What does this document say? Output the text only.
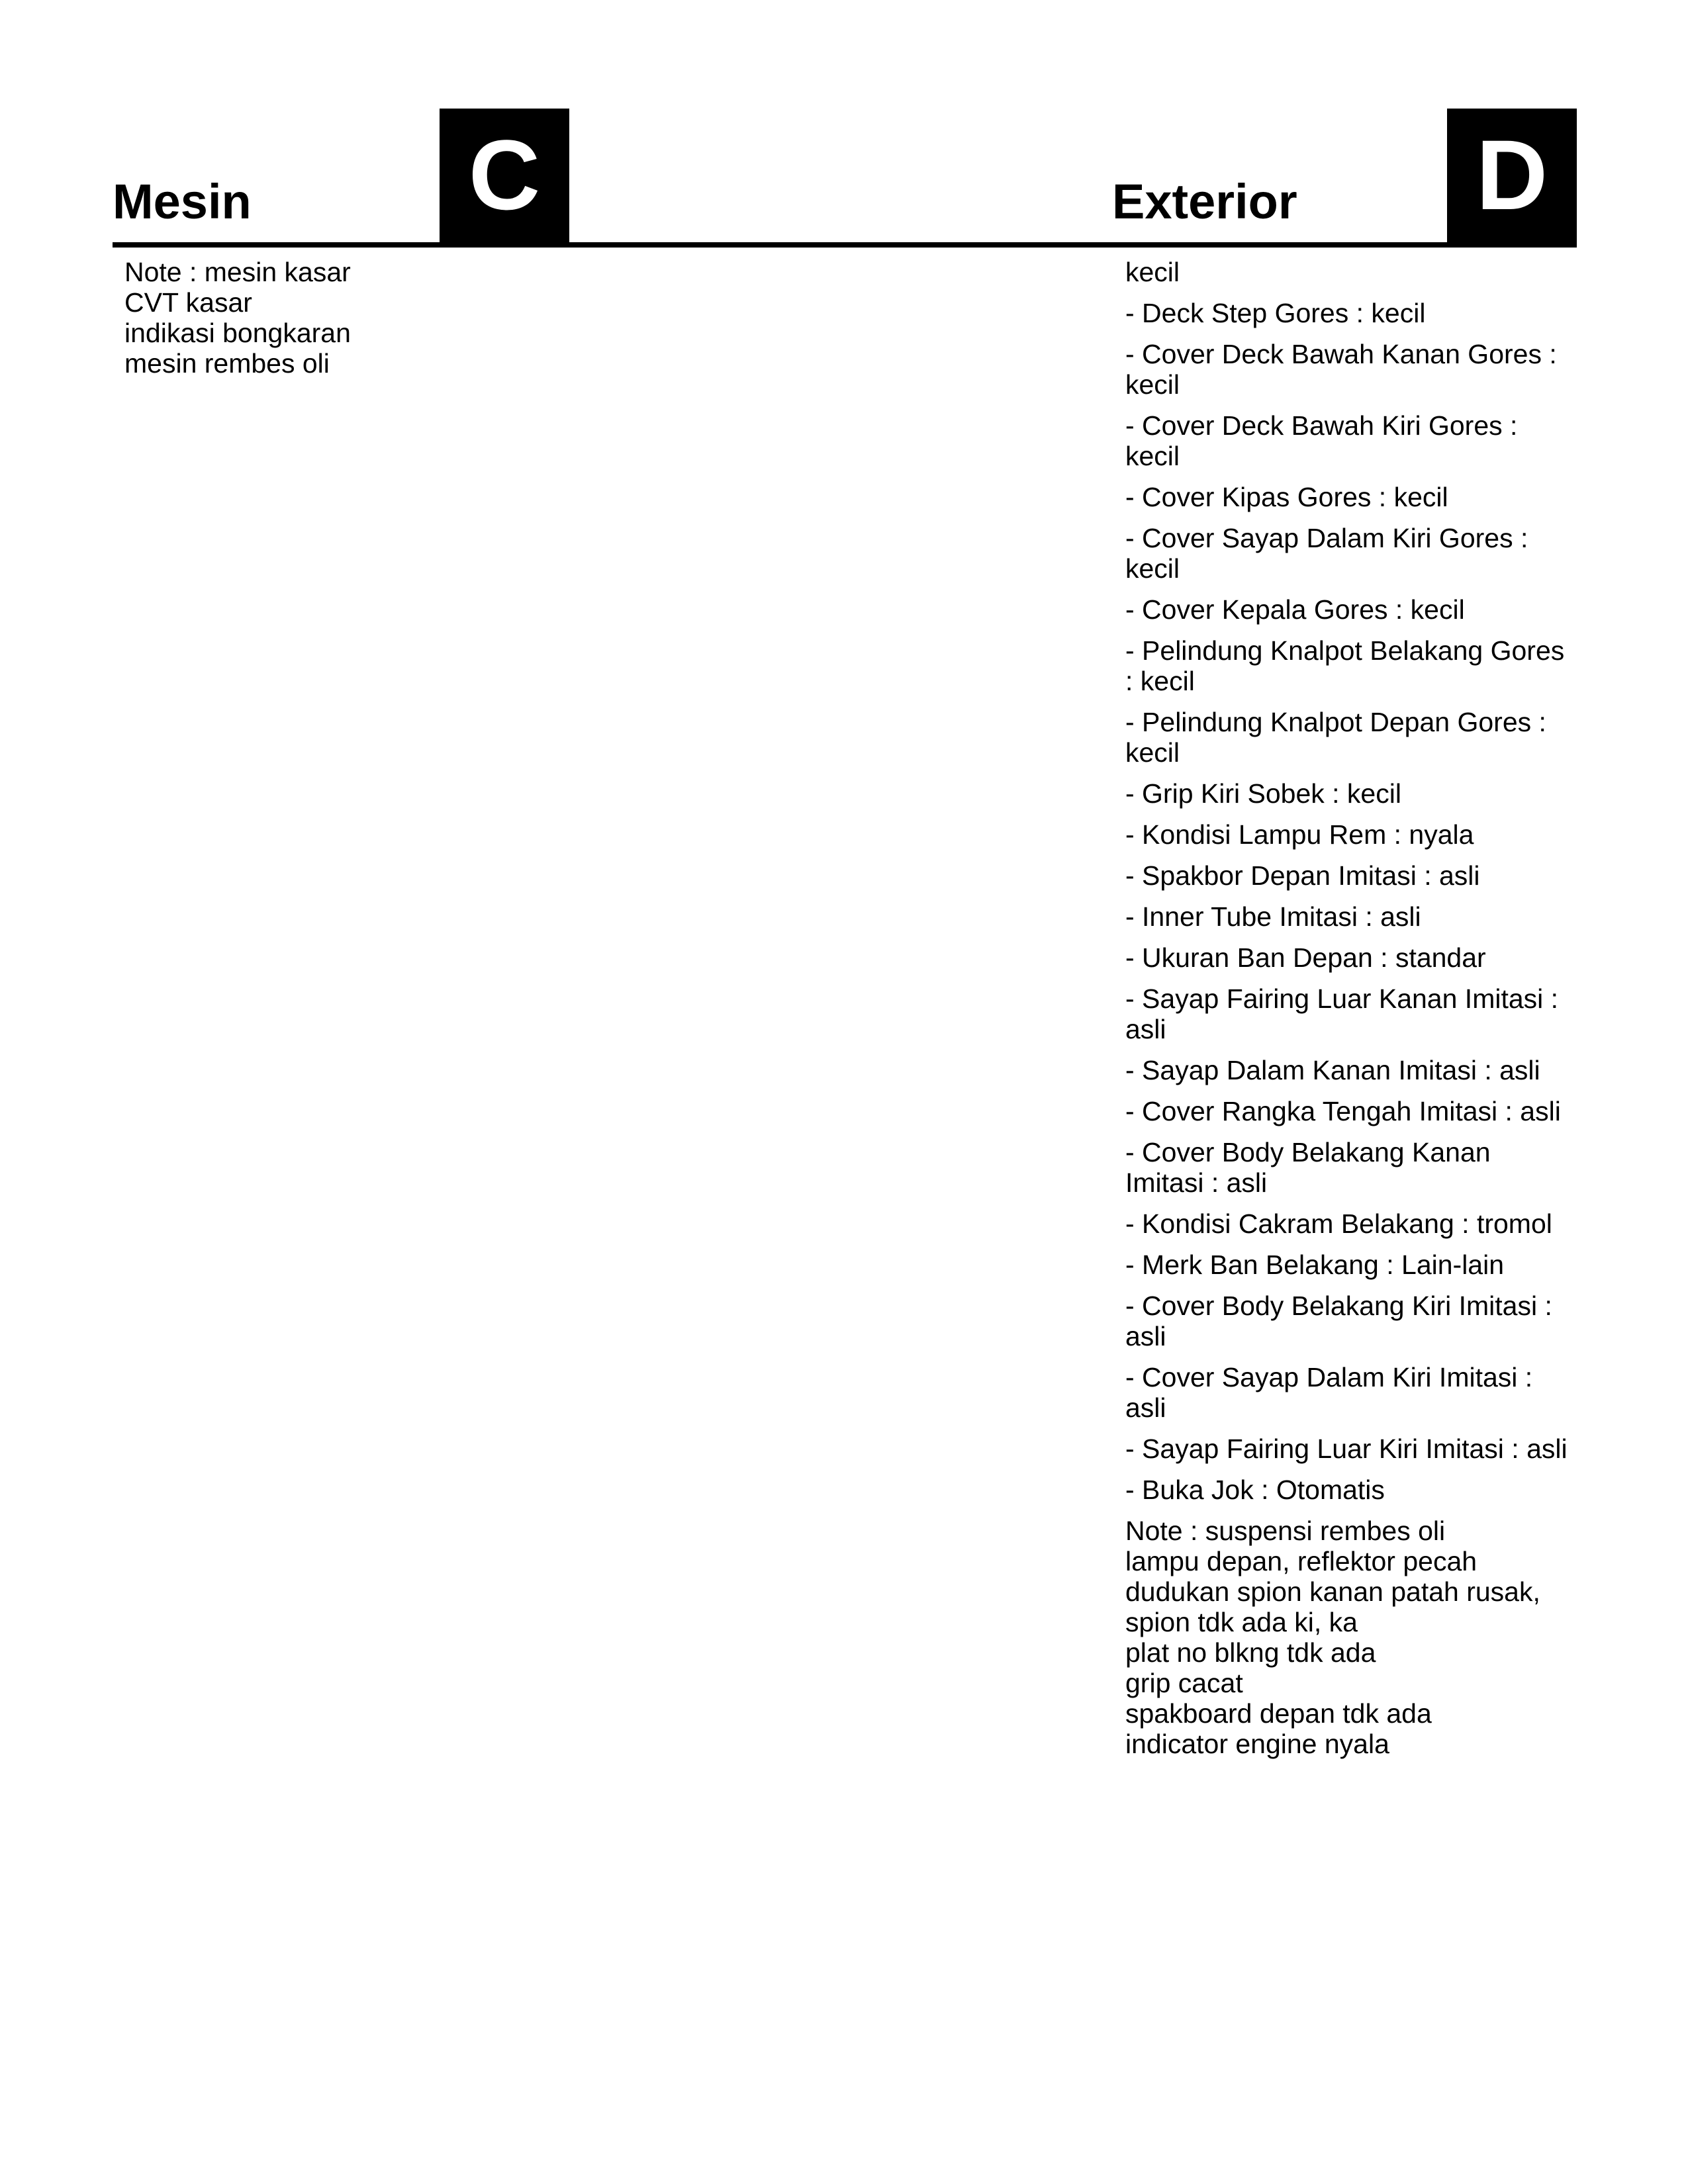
Mesin C	Exterior D
Note : mesin kasar
CVT kasar
indikasi bongkaran
mesin rembes oli
kecil
- Deck Step Gores : kecil
- Cover Deck Bawah Kanan Gores : kecil
- Cover Deck Bawah Kiri Gores : kecil
- Cover Kipas Gores : kecil
- Cover Sayap Dalam Kiri Gores : kecil
- Cover Kepala Gores : kecil
- Pelindung Knalpot Belakang Gores : kecil
- Pelindung Knalpot Depan Gores : kecil
- Grip Kiri Sobek : kecil
- Kondisi Lampu Rem : nyala
- Spakbor Depan Imitasi : asli
- Inner Tube Imitasi : asli
- Ukuran Ban Depan : standar
- Sayap Fairing Luar Kanan Imitasi : asli
- Sayap Dalam Kanan Imitasi : asli
- Cover Rangka Tengah Imitasi : asli
- Cover Body Belakang Kanan Imitasi : asli
- Kondisi Cakram Belakang : tromol
- Merk Ban Belakang : Lain-lain
- Cover Body Belakang Kiri Imitasi : asli
- Cover Sayap Dalam Kiri Imitasi : asli
- Sayap Fairing Luar Kiri Imitasi : asli
- Buka Jok : Otomatis
Note : suspensi rembes oli
lampu depan, reflektor pecah
dudukan spion kanan patah rusak,
spion tdk ada ki, ka
plat no blkng tdk ada
grip cacat
spakboard depan tdk ada
indicator engine nyala
